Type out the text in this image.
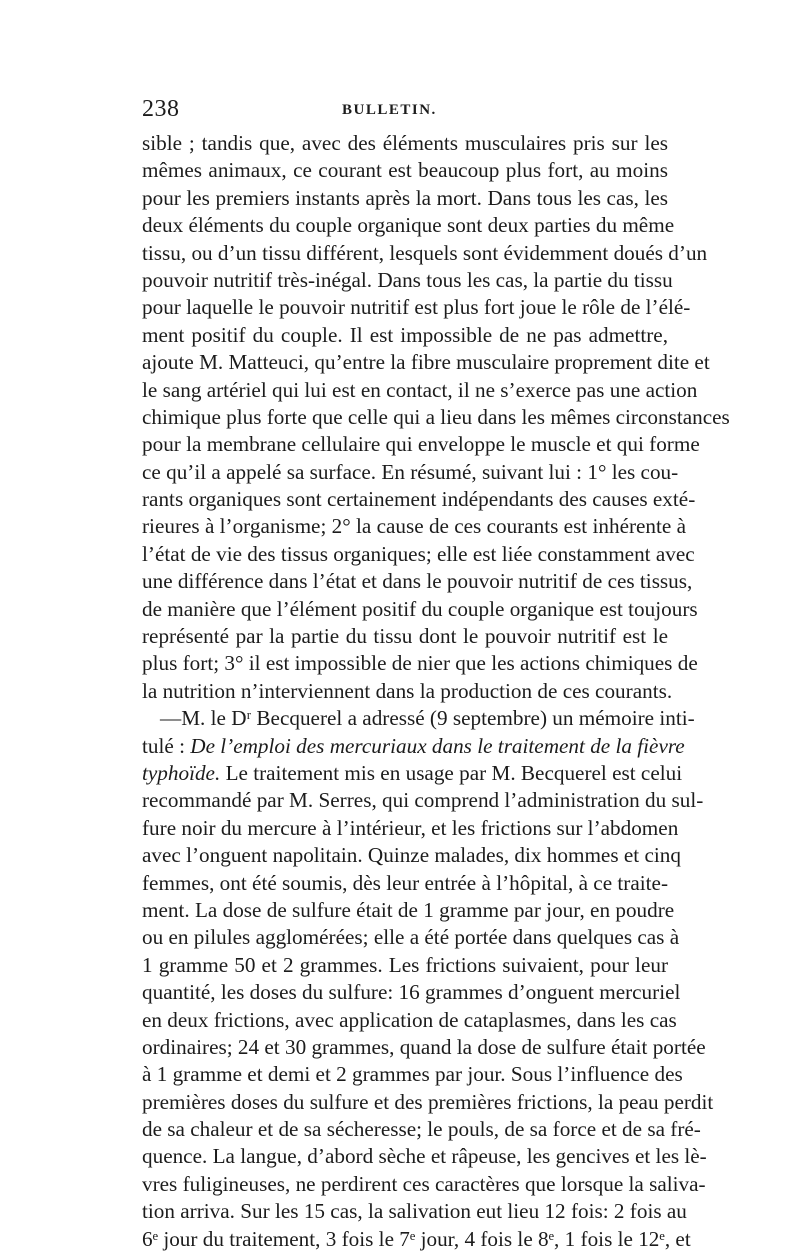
238	BULLETIN.
sible ; tandis que, avec des éléments musculaires pris sur les
mêmes animaux, ce courant est beaucoup plus fort, au moins
pour les premiers instants après la mort. Dans tous les cas, les
deux éléments du couple organique sont deux parties du même
tissu, ou d’un tissu différent, lesquels sont évidemment doués d’un
pouvoir nutritif très-inégal. Dans tous les cas, la partie du tissu
pour laquelle le pouvoir nutritif est plus fort joue le rôle de l’élé-
ment positif du couple. Il est impossible de ne pas admettre,
ajoute M. Matteuci, qu’entre la fibre musculaire proprement dite et
le sang artériel qui lui est en contact, il ne s’exerce pas une action
chimique plus forte que celle qui a lieu dans les mêmes circonstances
pour la membrane cellulaire qui enveloppe le muscle et qui forme
ce qu’il a appelé sa surface. En résumé, suivant lui : 1° les cou-
rants organiques sont certainement indépendants des causes exté-
rieures à l’organisme; 2° la cause de ces courants est inhérente à
l’état de vie des tissus organiques; elle est liée constamment avec
une différence dans l’état et dans le pouvoir nutritif de ces tissus,
de manière que l’élément positif du couple organique est toujours
représenté par la partie du tissu dont le pouvoir nutritif est le
plus fort; 3° il est impossible de nier que les actions chimiques de
la nutrition n’interviennent dans la production de ces courants.
—M. le Dʳ Becquerel a adressé (9 septembre) un mémoire inti-
tulé : De l’emploi des mercuriaux dans le traitement de la fièvre
typhoïde. Le traitement mis en usage par M. Becquerel est celui
recommandé par M. Serres, qui comprend l’administration du sul-
fure noir du mercure à l’intérieur, et les frictions sur l’abdomen
avec l’onguent napolitain. Quinze malades, dix hommes et cinq
femmes, ont été soumis, dès leur entrée à l’hôpital, à ce traite-
ment. La dose de sulfure était de 1 gramme par jour, en poudre
ou en pilules agglomérées; elle a été portée dans quelques cas à
1 gramme 50 et 2 grammes. Les frictions suivaient, pour leur
quantité, les doses du sulfure: 16 grammes d’onguent mercuriel
en deux frictions, avec application de cataplasmes, dans les cas
ordinaires; 24 et 30 grammes, quand la dose de sulfure était portée
à 1 gramme et demi et 2 grammes par jour. Sous l’influence des
premières doses du sulfure et des premières frictions, la peau perdit
de sa chaleur et de sa sécheresse; le pouls, de sa force et de sa fré-
quence. La langue, d’abord sèche et râpeuse, les gencives et les lè-
vres fuligineuses, ne perdirent ces caractères que lorsque la saliva-
tion arriva. Sur les 15 cas, la salivation eut lieu 12 fois: 2 fois au
6ᵉ jour du traitement, 3 fois le 7ᵉ jour, 4 fois le 8ᵉ, 1 fois le 12ᵉ, et
